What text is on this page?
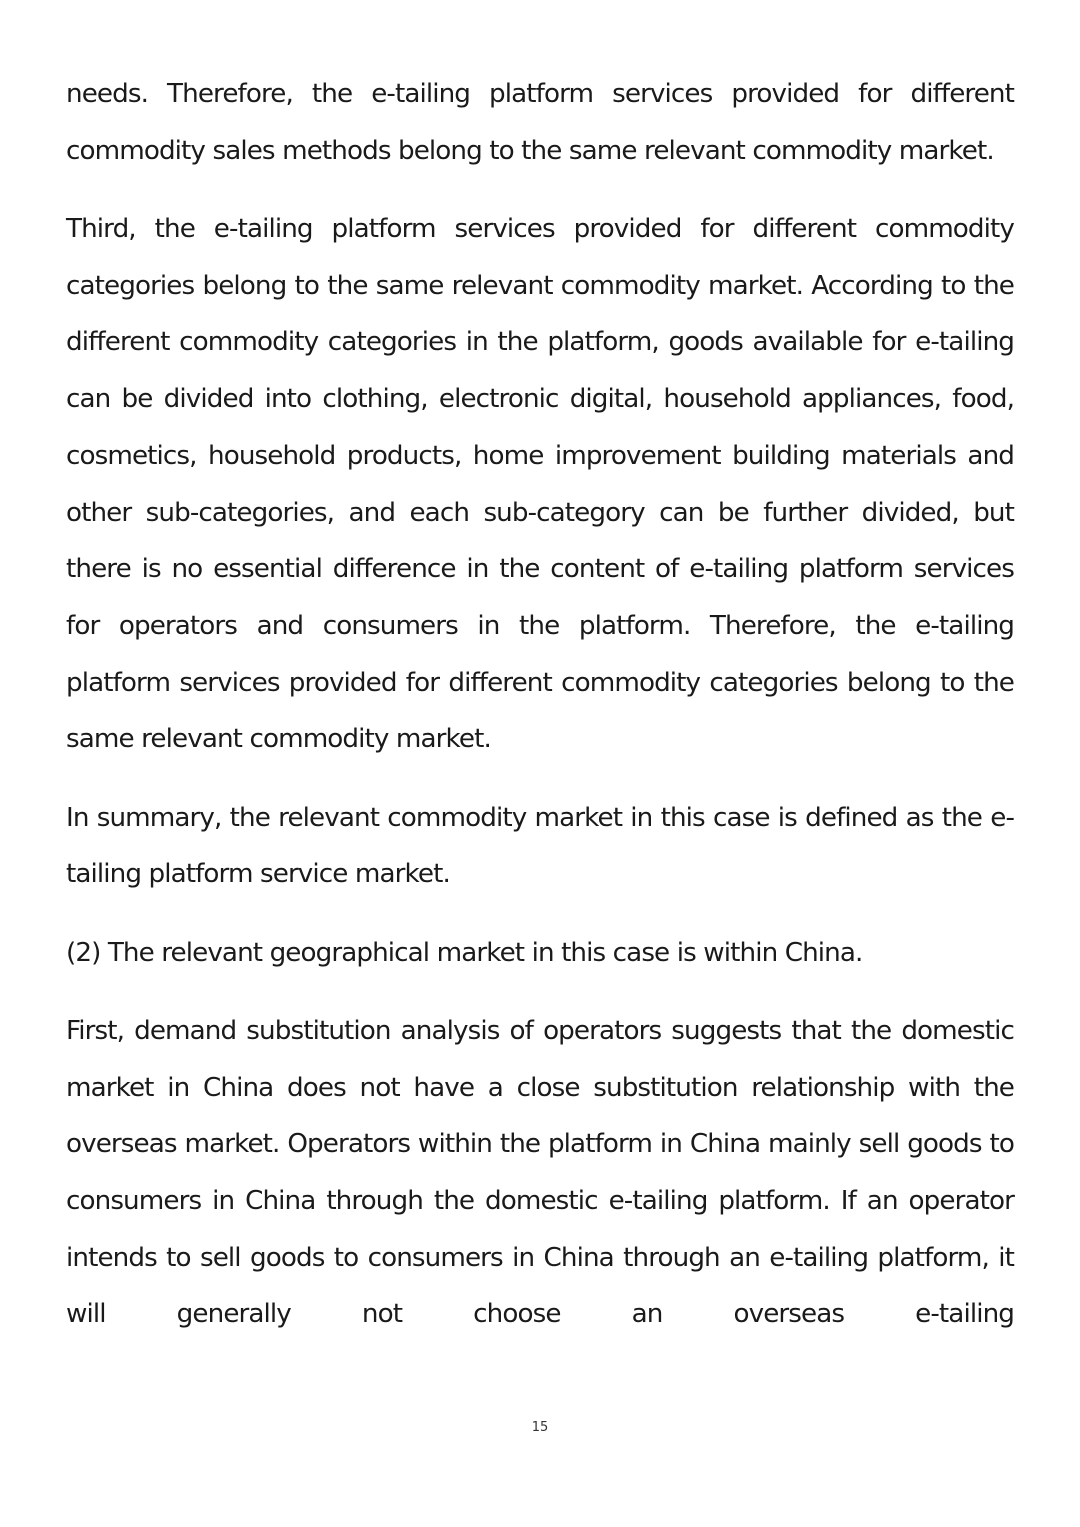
needs. Therefore, the e-tailing platform services provided for different commodity sales methods belong to the same relevant commodity market.

Third, the e-tailing platform services provided for different commodity categories belong to the same relevant commodity market. According to the different commodity categories in the platform, goods available for e-tailing can be divided into clothing, electronic digital, household appliances, food, cosmetics, household products, home improvement building materials and other sub-categories, and each sub-category can be further divided, but there is no essential difference in the content of e-tailing platform services for operators and consumers in the platform. Therefore, the e-tailing platform services provided for different commodity categories belong to the same relevant commodity market.

In summary, the relevant commodity market in this case is defined as the e-tailing platform service market.

(2) The relevant geographical market in this case is within China.

First, demand substitution analysis of operators suggests that the domestic market in China does not have a close substitution relationship with the overseas market. Operators within the platform in China mainly sell goods to consumers in China through the domestic e-tailing platform. If an operator intends to sell goods to consumers in China through an e-tailing platform, it will generally not choose an overseas e-tailing

15
